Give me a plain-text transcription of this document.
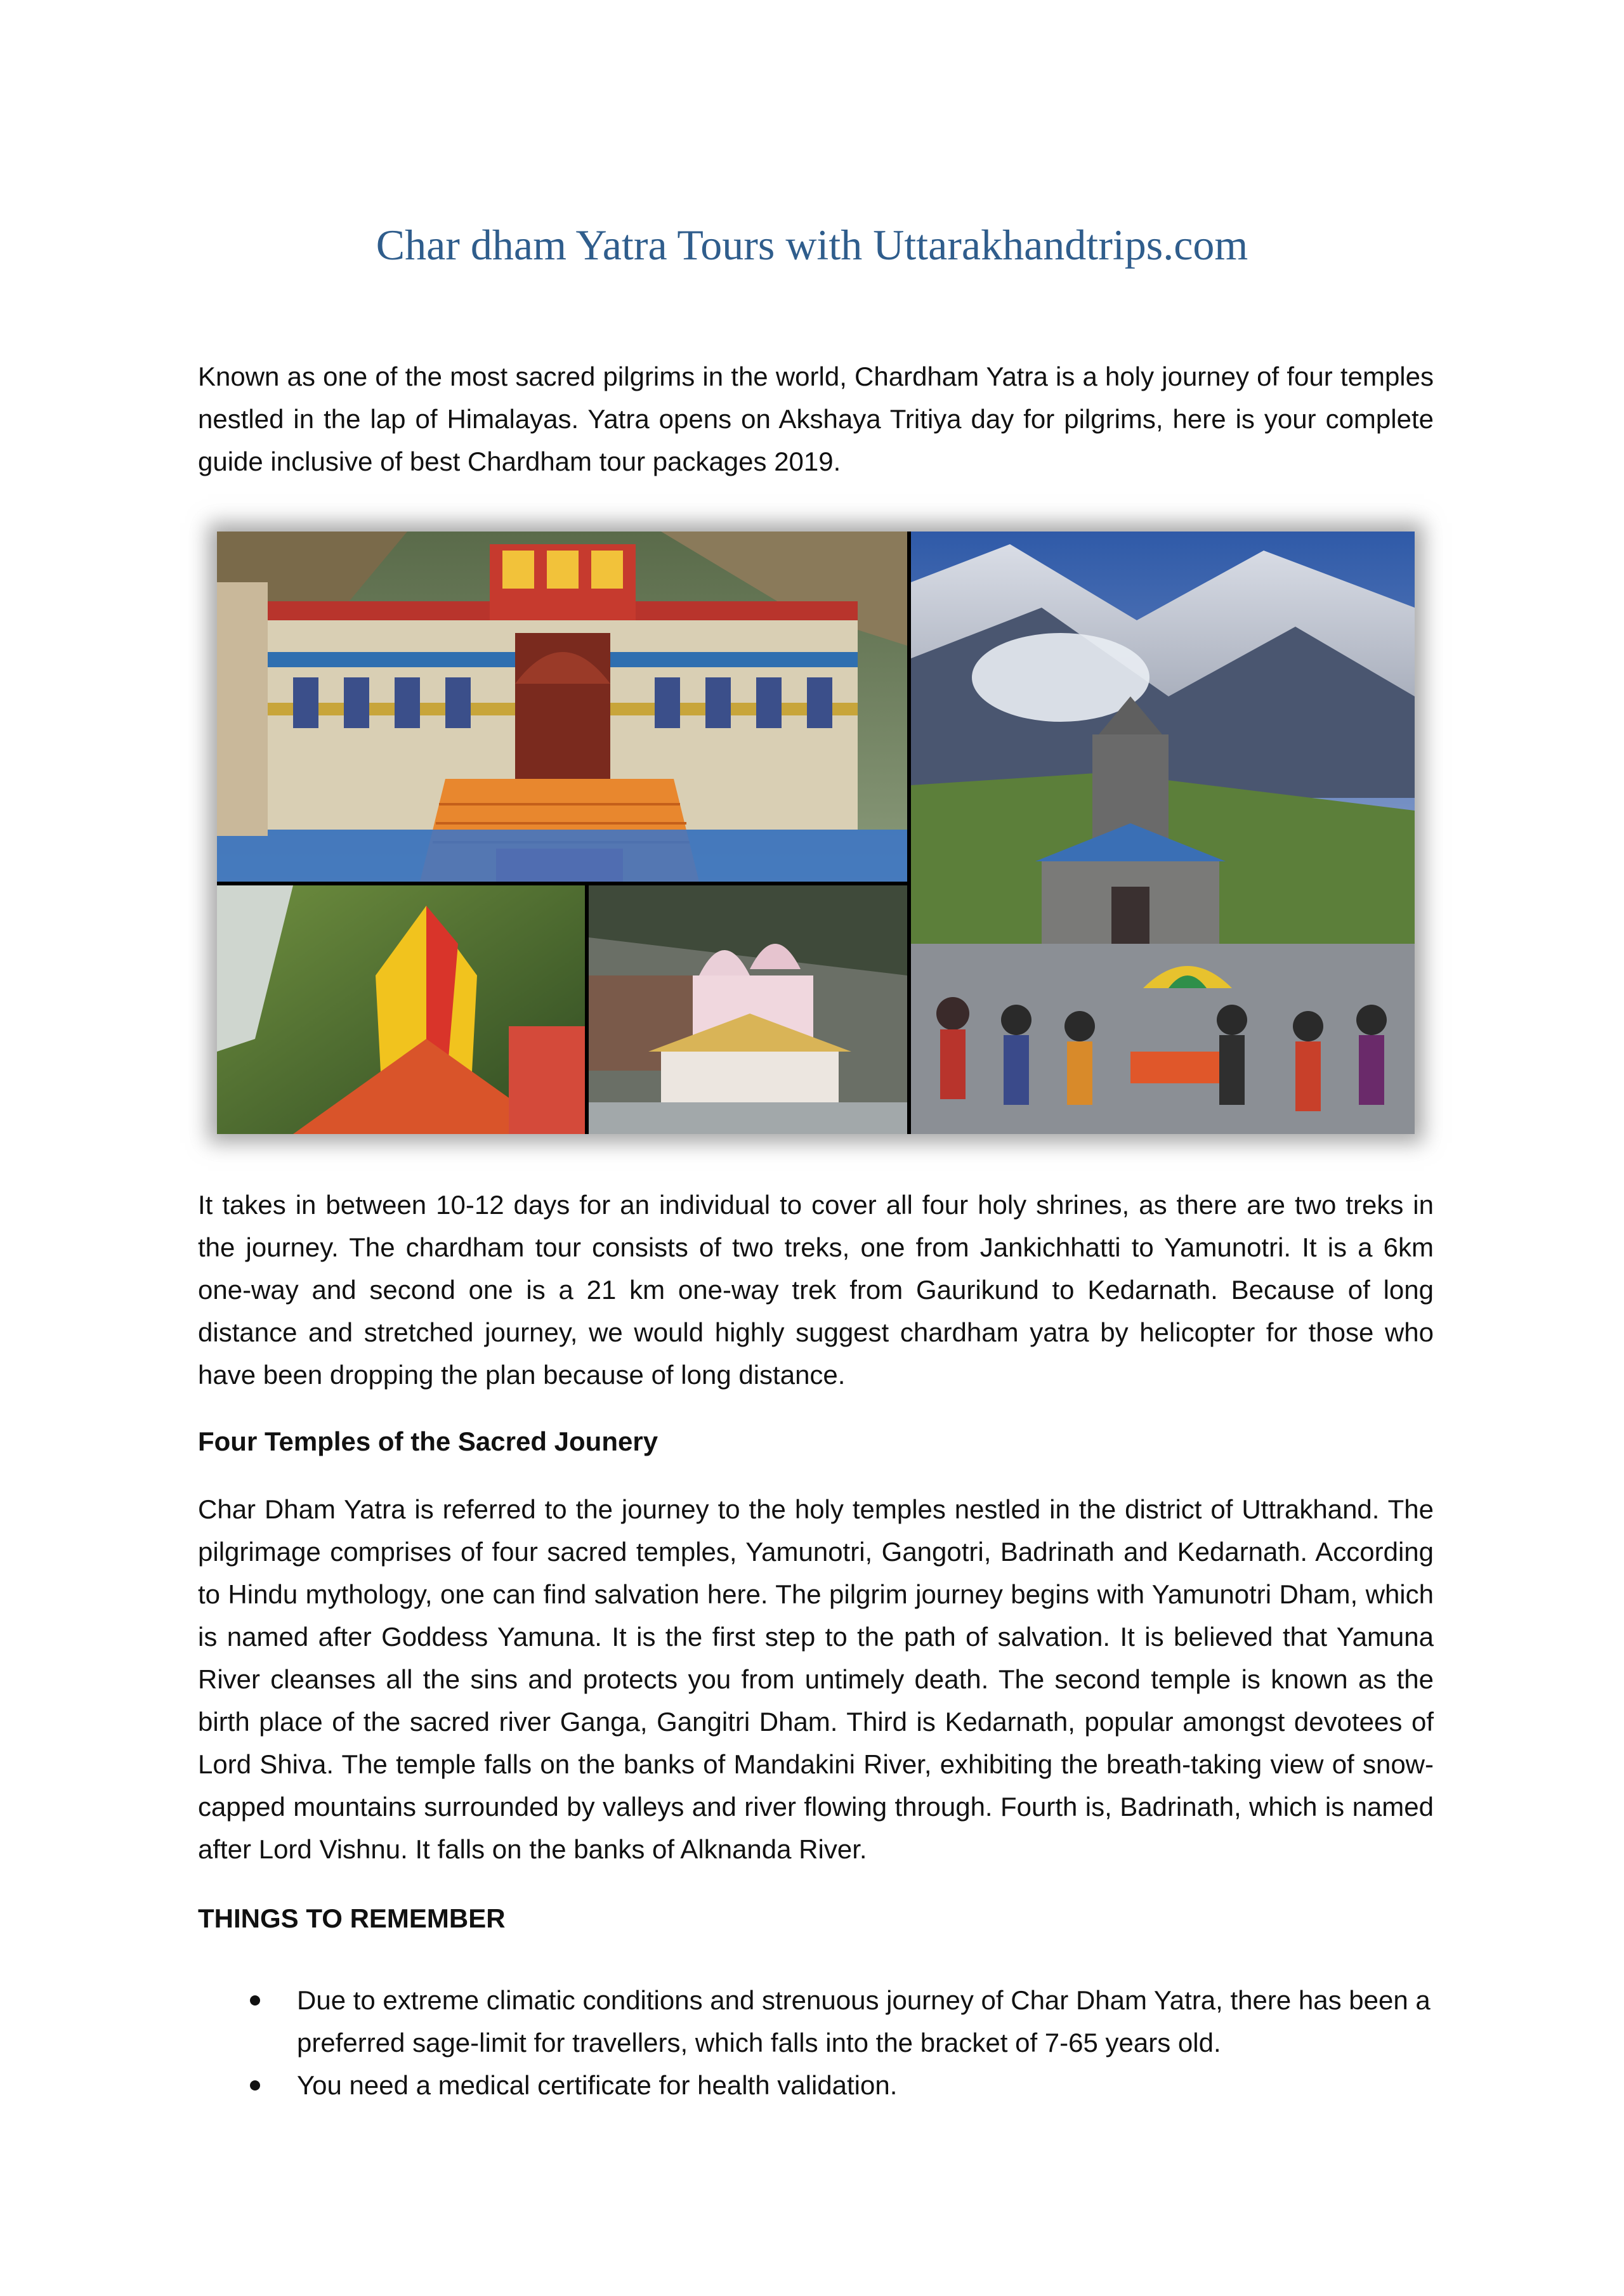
Char dham Yatra Tours with Uttarakhandtrips.com

Known as one of the most sacred pilgrims in the world, Chardham Yatra is a holy journey of four temples nestled in the lap of Himalayas. Yatra opens on Akshaya Tritiya day for pilgrims, here is your complete guide inclusive of best Chardham tour packages 2019.

It takes in between 10-12 days for an individual to cover all four holy shrines, as there are two treks in the journey. The chardham tour consists of two treks, one from Jankichhatti to Yamunotri. It is a 6km one-way and second one is a 21 km one-way trek from Gaurikund to Kedarnath. Because of long distance and stretched journey, we would highly suggest chardham yatra by helicopter for those who have been dropping the plan because of long distance.

Four Temples of the Sacred Jounery

Char Dham Yatra is referred to the journey to the holy temples nestled in the district of Uttrakhand. The pilgrimage comprises of four sacred temples, Yamunotri, Gangotri, Badrinath and Kedarnath. According to Hindu mythology, one can find salvation here. The pilgrim journey begins with Yamunotri Dham, which is named after Goddess Yamuna. It is the first step to the path of salvation. It is believed that Yamuna River cleanses all the sins and protects you from untimely death. The second temple is known as the birth place of the sacred river Ganga, Gangitri Dham. Third is Kedarnath, popular amongst devotees of Lord Shiva. The temple falls on the banks of Mandakini River, exhibiting the breath-taking view of snow-capped mountains surrounded by valleys and river flowing through. Fourth is, Badrinath, which is named after Lord Vishnu. It falls on the banks of Alknanda River.

THINGS TO REMEMBER
Due to extreme climatic conditions and strenuous journey of Char Dham Yatra, there has been a preferred sage-limit for travellers, which falls into the bracket of 7-65 years old.
You need a medical certificate for health validation.
